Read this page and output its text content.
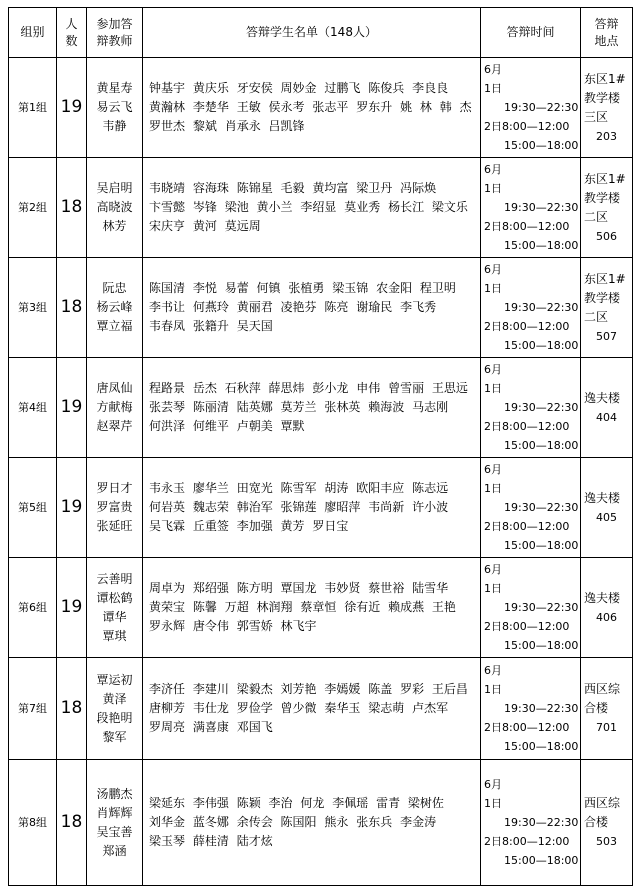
组别	人
数	参加答
辩教师	答辩学生名单（148人）	答辩时间	答辩
地点

第1组	19	黄星寿
易云飞
韦静	钟基宇 黄庆乐 牙安侯 周妙金 过鹏飞 陈俊兵 李良良 黄瀚林 李楚华 王敏 侯永考 张志平 罗东升 姚 林 韩 杰 罗世杰 黎斌 肖承永 吕凯锋	6月
1日
19:30—22:30
2日8:00—12:00
15:00—18:00	东区1#
教学楼
三区
203

第2组	18	吴启明
高晓波
林芳	韦晓靖 容海珠 陈锦星 毛毅 黄均富 梁卫丹 冯际焕 卞雪懿 岑锋 梁池 黄小兰 李绍显 莫业秀 杨长江 梁文乐 宋庆亨 黄河 莫远周	6月
1日
19:30—22:30
2日8:00—12:00
15:00—18:00	东区1#
教学楼
二区
506

第3组	18	阮忠
杨云峰
覃立福	陈国清 李悦 易蕾 何镇 张植勇 梁玉锦 农金阳 程卫明 李书让 何燕玲 黄丽君 凌艳芬 陈亮 谢瑜民 李飞秀 韦春凤 张籍升 吴天国	6月
1日
19:30—22:30
2日8:00—12:00
15:00—18:00	东区1#
教学楼
二区
507

第4组	19	唐凤仙
方献梅
赵翠芹	程路景 岳杰 石秋萍 薛思炜 彭小龙 申伟 曾雪丽 王思远 张芸琴 陈丽清 陆英娜 莫芳兰 张林英 赖海波 马志刚 何洪泽 何维平 卢朝美 覃默	6月
1日
19:30—22:30
2日8:00—12:00
15:00—18:00	逸夫楼
404

第5组	19	罗日才
罗富贵
张延旺	韦永玉 廖华兰 田宽光 陈雪军 胡涛 欧阳丰应 陈志远 何岩英 魏志荣 韩治军 张锦莲 廖昭萍 韦尚新 许小波 吴飞霖 丘重签 李加强 黄芳 罗日宝	6月
1日
19:30—22:30
2日8:00—12:00
15:00—18:00	逸夫楼
405

第6组	19	云善明
谭松鹤
谭华
覃琪	周卓为 郑绍强 陈方明 覃国龙 韦妙贤 蔡世裕 陆雪华 黄荣宝 陈馨 万超 林润翔 蔡章恒 徐有近 赖成燕 王艳 罗永辉 唐令伟 郭雪娇 林飞宇	6月
1日
19:30—22:30
2日8:00—12:00
15:00—18:00	逸夫楼
406

第7组	18	覃运初
黄泽
段艳明
黎军	李济任 李建川 梁毅杰 刘芳艳 李嫣媛 陈盖 罗彩 王后昌 唐柳芳 韦仕龙 罗俭学 曾少微 秦华玉 梁志萌 卢杰军 罗周亮 满喜康 邓国飞	6月
1日
19:30—22:30
2日8:00—12:00
15:00—18:00	西区综
合楼
701

第8组	18	汤鹏杰
肖辉辉
吴宝善
郑涵	梁延东 李伟强 陈颖 李治 何龙 李佩瑶 雷青 梁树佐 刘华金 蓝冬娜 余传会 陈国阳 熊永 张东兵 李金涛 梁玉琴 薛桂清 陆才炫	6月
1日
19:30—22:30
2日8:00—12:00
15:00—18:00	西区综
合楼
503
